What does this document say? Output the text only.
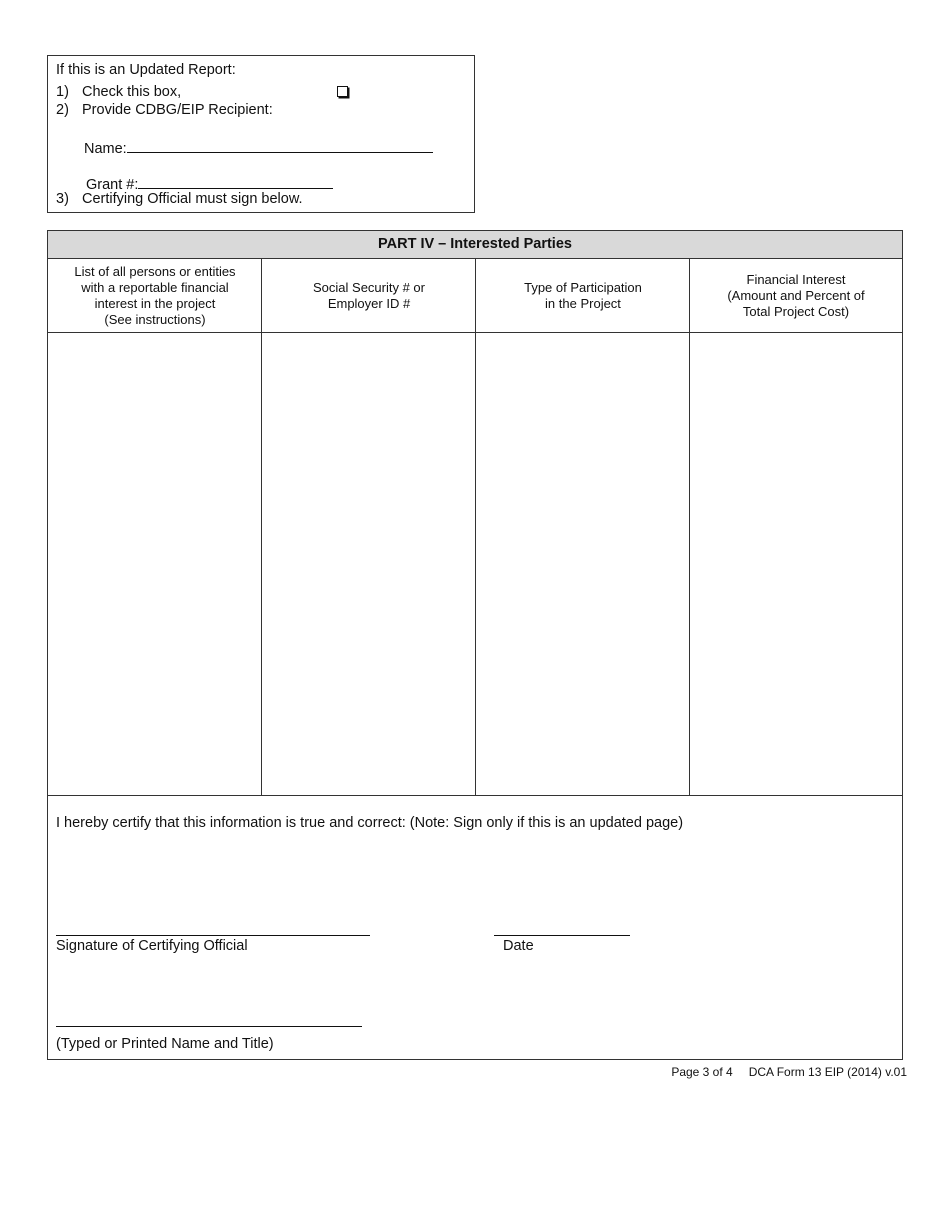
If this is an Updated Report:
1) Check this box,
2) Provide CDBG/EIP Recipient:
Name:
Grant #:
3) Certifying Official must sign below.
PART IV – Interested Parties
List of all persons or entities
with a reportable financial
interest in the project
(See instructions)
Social Security # or
Employer ID #
Type of Participation
in the Project
Financial Interest
(Amount and Percent of
Total Project Cost)
I hereby certify that this information is true and correct: (Note: Sign only if this is an updated page)
Signature of Certifying Official	Date
(Typed or Printed Name and Title)
Page 3 of 4 DCA Form 13 EIP (2014) v.01
